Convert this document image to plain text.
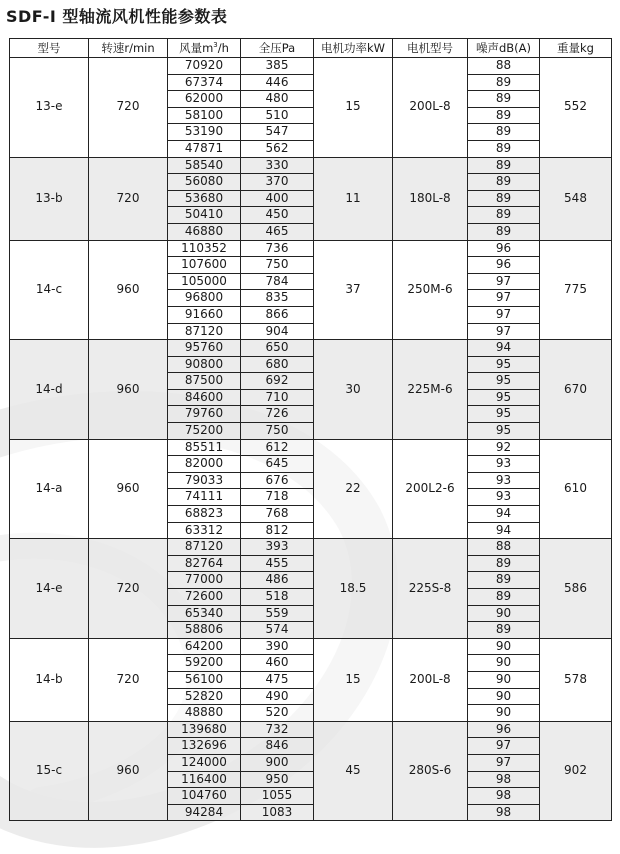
SDF-I 型轴流风机性能参数表
型号	转速r/min	风量$m^3/h$	全压Pa	电机功率kW	电机型号	噪声dB(A)	重量kg
13-e	720	70920	385	15	200L-8	88	552
		67374	446			89	
		62000	480			89	
		58100	510			89	
		53190	547			89	
		47871	562			89	
13-b	720	58540	330	11	180L-8	89	548
		56080	370			89	
		53680	400			89	
		50410	450			89	
		46880	465			89	
14-c	960	110352	736	37	250M-6	96	775
		107600	750			96	
		105000	784			97	
		96800	835			97	
		91660	866			97	
		87120	904			97	
14-d	960	95760	650	30	225M-6	94	670
		90800	680			95	
		87500	692			95	
		84600	710			95	
		79760	726			95	
		75200	750			95	
14-a	960	85511	612	22	200L2-6	92	610
		82000	645			93	
		79033	676			93	
		74111	718			93	
		68823	768			94	
		63312	812			94	
14-e	720	87120	393	18.5	225S-8	88	586
		82764	455			89	
		77000	486			89	
		72600	518			89	
		65340	559			90	
		58806	574			89	
14-b	720	64200	390	15	200L-8	90	578
		59200	460			90	
		56100	475			90	
		52820	490			90	
		48880	520			90	
15-c	960	139680	732	45	280S-6	96	902
		132696	846			97	
		124000	900			97	
		116400	950			98	
		104760	1055			98	
		94284	1083			98	
